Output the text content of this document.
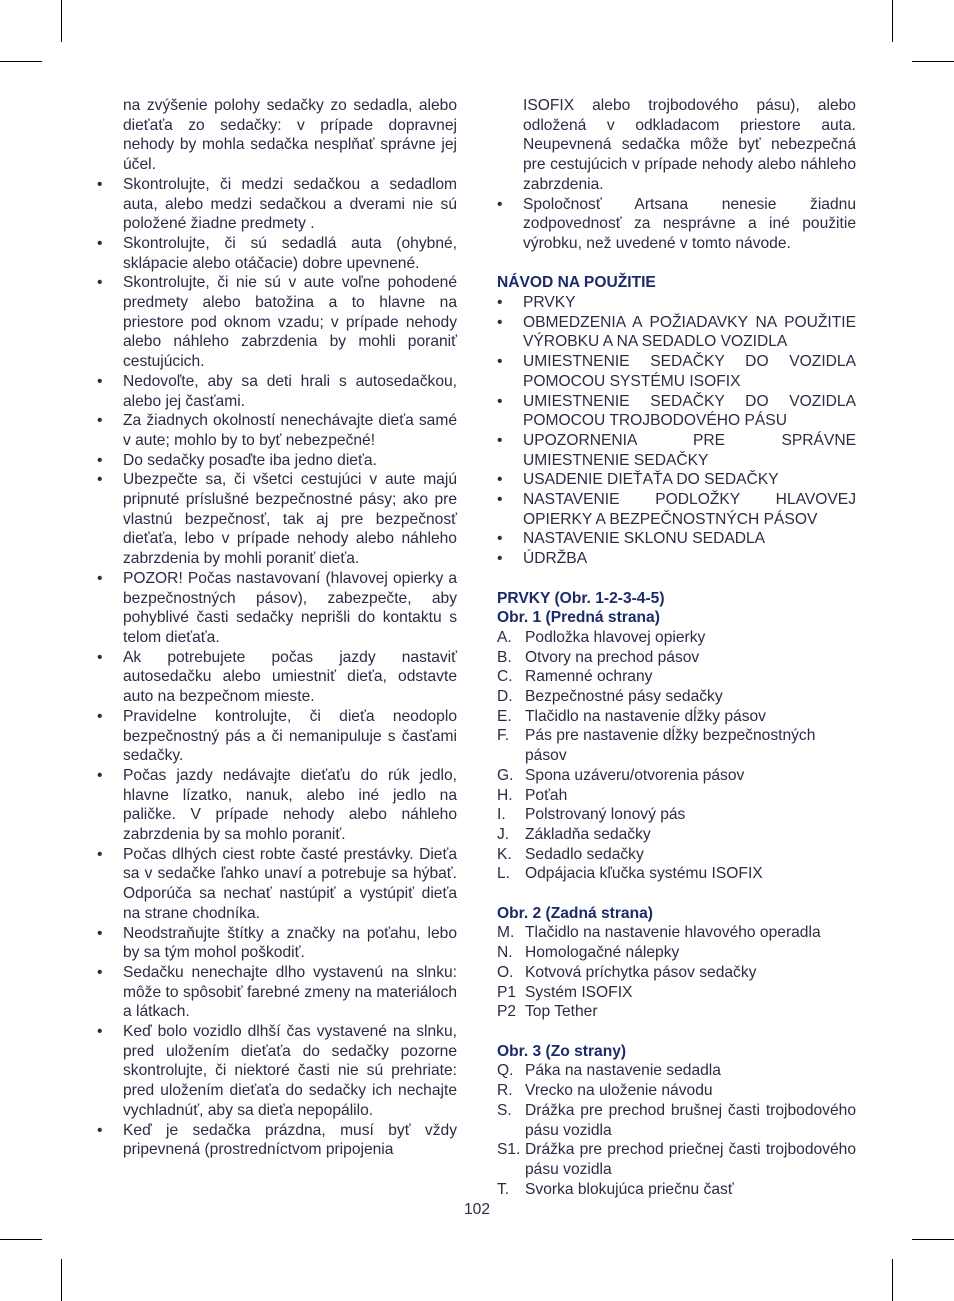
na zvýšenie polohy sedačky zo sedadla, alebo dieťaťa zo sedačky: v prípade dopravnej nehody by mohla sedačka nesplňať správne jej účel.

• Skontrolujte, či medzi sedačkou a sedadlom auta, alebo medzi sedačkou a dverami nie sú položené žiadne predmety .
• Skontrolujte, či sú sedadlá auta (ohybné, sklápacie alebo otáčacie) dobre upevnené.
• Skontrolujte, či nie sú v aute voľne pohodené predmety alebo batožina a to hlavne na priestore pod oknom vzadu; v prípade nehody alebo náhleho zabrzdenia by mohli poraniť cestujúcich.
• Nedovoľte, aby sa deti hrali s autosedačkou, alebo jej časťami.
• Za žiadnych okolností nenechávajte dieťa samé v aute; mohlo by to byť nebezpečné!
• Do sedačky posaďte iba jedno dieťa.
• Ubezpečte sa, či všetci cestujúci v aute majú pripnuté príslušné bezpečnostné pásy; ako pre vlastnú bezpečnosť, tak aj pre bezpečnosť dieťaťa, lebo v prípade nehody alebo náhleho zabrzdenia by mohli poraniť dieťa.
• POZOR! Počas nastavovaní (hlavovej opierky a bezpečnostných pásov), zabezpečte, aby pohyblivé časti sedačky neprišli do kontaktu s telom dieťaťa.
• Ak potrebujete počas jazdy nastaviť autosedačku alebo umiestniť dieťa, odstavte auto na bezpečnom mieste.
• Pravidelne kontrolujte, či dieťa neodoplo bezpečnostný pás a či nemanipuluje s časťami sedačky.
• Počas jazdy nedávajte dieťaťu do rúk jedlo, hlavne lízatko, nanuk, alebo iné jedlo na paličke. V prípade nehody alebo náhleho zabrzdenia by sa mohlo poraniť.
• Počas dlhých ciest robte časté prestávky. Dieťa sa v sedačke ľahko unaví a potrebuje sa hýbať. Odporúča sa nechať nastúpiť a vystúpiť dieťa na strane chodníka.
• Neodstraňujte štítky a značky na poťahu, lebo by sa tým mohol poškodiť.
• Sedačku nenechajte dlho vystavenú na slnku: môže to spôsobiť farebné zmeny na materiáloch a látkach.
• Keď bolo vozidlo dlhší čas vystavené na slnku, pred uložením dieťaťa do sedačky pozorne skontrolujte, či niektoré časti nie sú prehriate: pred uložením dieťaťa do sedačky ich nechajte vychladnúť, aby sa dieťa nepopálilo.
• Keď je sedačka prázdna, musí byť vždy pripevnená (prostredníctvom pripojenia

ISOFIX alebo trojbodového pásu), alebo odložená v odkladacom priestore auta. Neupevnená sedačka môže byť nebezpečná pre cestujúcich v prípade nehody alebo náhleho zabrzdenia.

• Spoločnosť Artsana nenesie žiadnu zodpovednosť za nesprávne a iné použitie výrobku, než uvedené v tomto návode.
NÁVOD NA POUŽITIE
• PRVKY
• OBMEDZENIA A POŽIADAVKY NA POUŽITIE VÝROBKU A NA SEDADLO VOZIDLA
• UMIESTNENIE SEDAČKY DO VOZIDLA POMOCOU SYSTÉMU ISOFIX
• UMIESTNENIE SEDAČKY DO VOZIDLA POMOCOU TROJBODOVÉHO PÁSU
• UPOZORNENIA PRE SPRÁVNE UMIESTNENIE SEDAČKY
• USADENIE DIEŤAŤA DO SEDAČKY
• NASTAVENIE PODLOŽKY HLAVOVEJ OPIERKY A BEZPEČNOSTNÝCH PÁSOV
• NASTAVENIE SKLONU SEDADLA
• ÚDRŽBA
PRVKY (Obr. 1-2-3-4-5)
Obr. 1 (Predná strana)
A. Podložka hlavovej opierky
B. Otvory na prechod pásov
C. Ramenné ochrany
D. Bezpečnostné pásy sedačky
E. Tlačidlo na nastavenie dĺžky pásov
F. Pás pre nastavenie dĺžky bezpečnostných pásov
G. Spona uzáveru/otvorenia pásov
H. Poťah
I. Polstrovaný lonový pás
J. Základňa sedačky
K. Sedadlo sedačky
L. Odpájacia kľučka systému ISOFIX
Obr. 2 (Zadná strana)
M. Tlačidlo na nastavenie hlavového operadla
N. Homologačné nálepky
O. Kotvová príchytka pásov sedačky
P1 Systém ISOFIX
P2 Top Tether
Obr. 3 (Zo strany)
Q. Páka na nastavenie sedadla
R. Vrecko na uloženie návodu
S. Drážka pre prechod brušnej časti trojbodového pásu vozidla
S1. Drážka pre prechod priečnej časti trojbodového pásu vozidla
T. Svorka blokujúca priečnu časť
102
